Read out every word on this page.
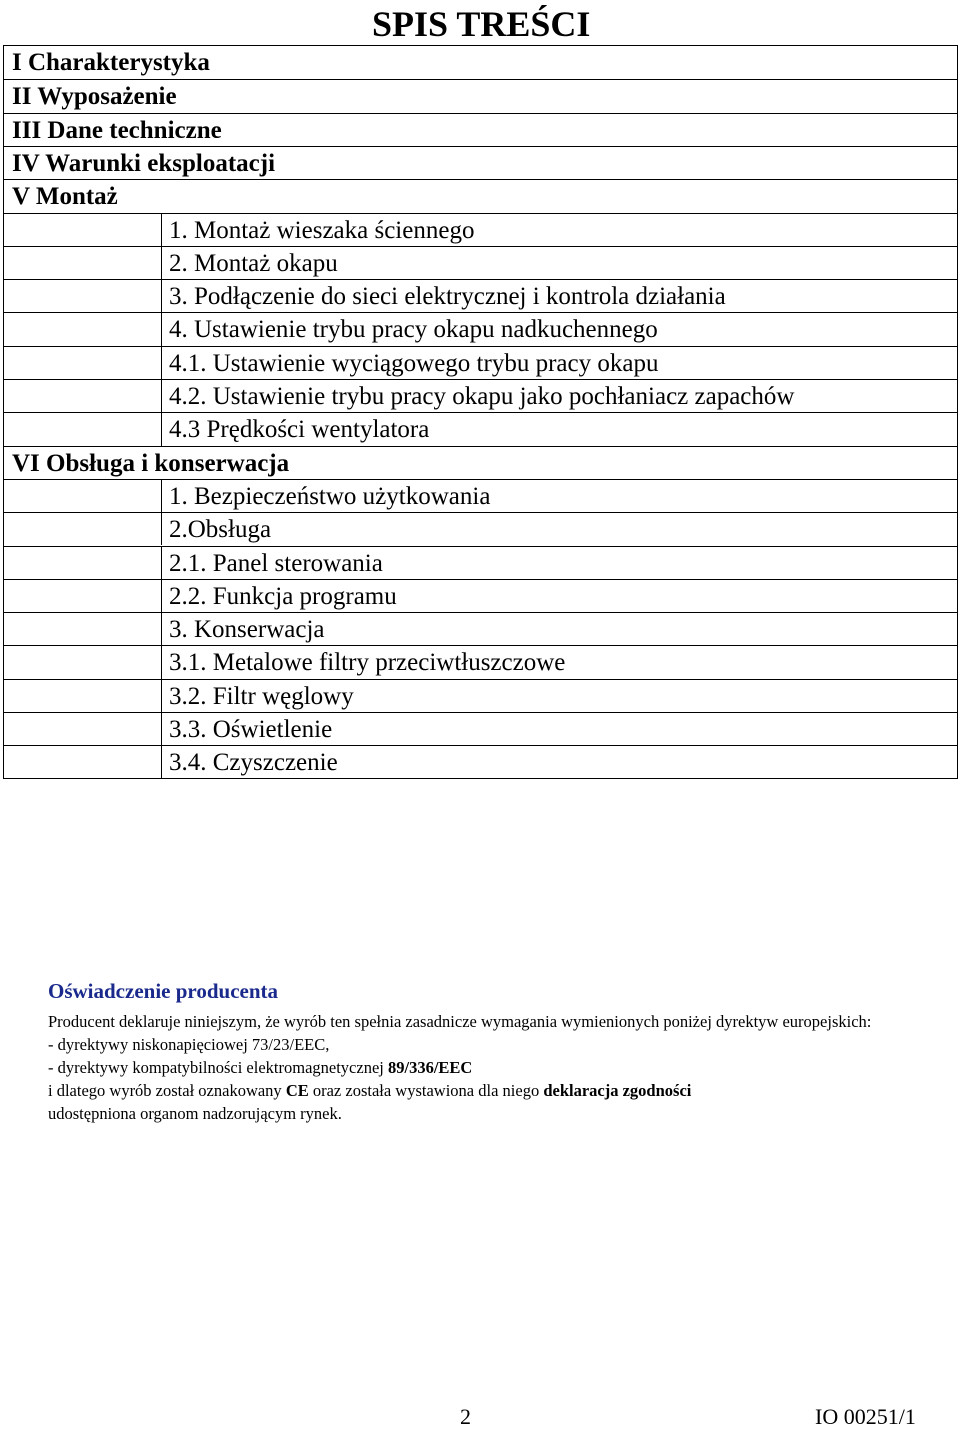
SPIS TREŚCI
I Charakterystyka
II Wyposażenie
III Dane techniczne
IV Warunki eksploatacji
V Montaż
1. Montaż wieszaka ściennego
2. Montaż okapu
3. Podłączenie do sieci elektrycznej i kontrola działania
4. Ustawienie trybu pracy okapu nadkuchennego
4.1. Ustawienie wyciągowego trybu pracy okapu
4.2. Ustawienie trybu pracy okapu jako pochłaniacz zapachów
4.3 Prędkości wentylatora
VI Obsługa i konserwacja
1. Bezpieczeństwo użytkowania
2.Obsługa
2.1. Panel sterowania
2.2. Funkcja programu
3. Konserwacja
3.1. Metalowe filtry przeciwtłuszczowe
3.2. Filtr węglowy
3.3. Oświetlenie
3.4. Czyszczenie
Oświadczenie producenta

Producent deklaruje niniejszym, że wyrób ten spełnia zasadnicze wymagania wymienionych poniżej dyrektyw europejskich:

- dyrektywy niskonapięciowej 73/23/EEC,

- dyrektywy kompatybilności elektromagnetycznej 89/336/EEC

i dlatego wyrób został oznakowany CE oraz została wystawiona dla niego deklaracja zgodności

udostępniona organom nadzorującym rynek.

2	IO 00251/1
